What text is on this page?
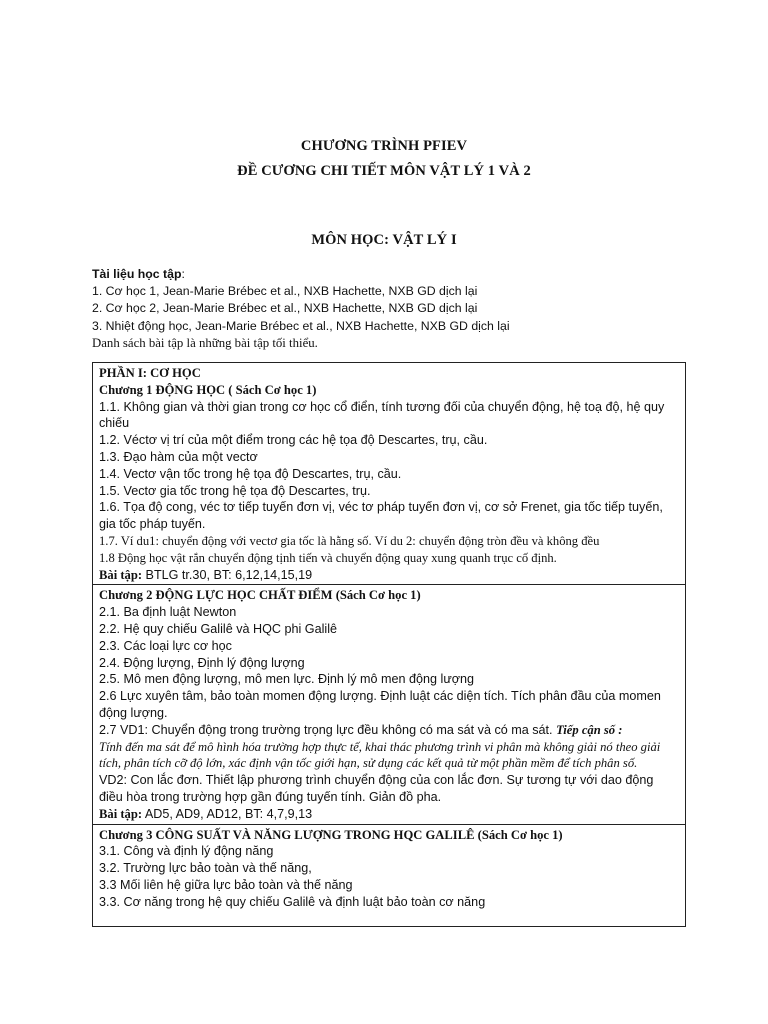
CHƯƠNG TRÌNH PFIEV
ĐỀ CƯƠNG CHI TIẾT MÔN VẬT LÝ 1 VÀ 2
MÔN HỌC: VẬT LÝ I
Tài liệu học tập:
1. Cơ học 1, Jean-Marie Brébec et al., NXB Hachette, NXB GD dịch lại
2. Cơ học 2, Jean-Marie Brébec et al., NXB Hachette, NXB GD dịch lại
3. Nhiệt động học, Jean-Marie Brébec et al., NXB Hachette, NXB GD dịch lại
Danh sách bài tập là những bài tập tối thiểu.
PHẦN I: CƠ HỌC
Chương 1 ĐỘNG HỌC ( Sách Cơ học 1)
1.1. Không gian và thời gian trong cơ học cổ điển, tính tương đối của chuyển động, hệ toạ độ, hệ quy chiếu
1.2. Véctơ vị trí của một điểm trong các hệ tọa độ Descartes, trụ, cầu.
1.3. Đạo hàm của một vectơ
1.4. Vectơ vận tốc trong hệ tọa độ Descartes, trụ, cầu.
1.5. Vectơ gia tốc trong hệ tọa độ Descartes, trụ.
1.6. Tọa độ cong, véc tơ tiếp tuyến đơn vị, véc tơ pháp tuyến đơn vị, cơ sở Frenet, gia tốc tiếp tuyến, gia tốc pháp tuyến.
1.7. Ví du1: chuyển động với vectơ gia tốc là hằng số. Ví du 2: chuyển động tròn đều và không đều
1.8 Động học vật rắn chuyển động tịnh tiến và chuyển động quay xung quanh trục cố định.
Bài tập: BTLG tr.30, BT: 6,12,14,15,19
Chương 2 ĐỘNG LỰC HỌC CHẤT ĐIỂM (Sách Cơ học 1)
2.1. Ba định luật Newton
2.2. Hệ quy chiếu Galilê và HQC phi Galilê
2.3. Các loại lực cơ học
2.4. Động lượng, Định lý động lượng
2.5. Mô men động lượng, mô men lực. Định lý mô men động lượng
2.6 Lực xuyên tâm, bảo toàn momen động lượng. Định luật các diện tích. Tích phân đầu của momen động lượng.
2.7 VD1: Chuyển động trong trường trọng lực đều không có ma sát và có ma sát. Tiếp cận số :
Tính đến ma sát để mô hình hóa trường hợp thực tế, khai thác phương trình vi phân mà không giải nó theo giải tích, phân tích cỡ độ lớn, xác định vận tốc giới hạn, sử dụng các kết quả từ một phần mềm để tích phân số.
VD2: Con lắc đơn. Thiết lập phương trình chuyển động của con lắc đơn. Sự tương tự với dao động điều hòa trong trường hợp gần đúng tuyến tính. Giản đồ pha.
Bài tập: AD5, AD9, AD12, BT: 4,7,9,13
Chương 3 CÔNG SUẤT VÀ NĂNG LƯỢNG TRONG HQC GALILÊ (Sách Cơ học 1)
3.1. Công và định lý động năng
3.2. Trường lực bảo toàn và thế năng,
3.3 Mối liên hệ giữa lực bảo toàn và thế năng
3.3. Cơ năng trong hệ quy chiếu Galilê và định luật bảo toàn cơ năng
